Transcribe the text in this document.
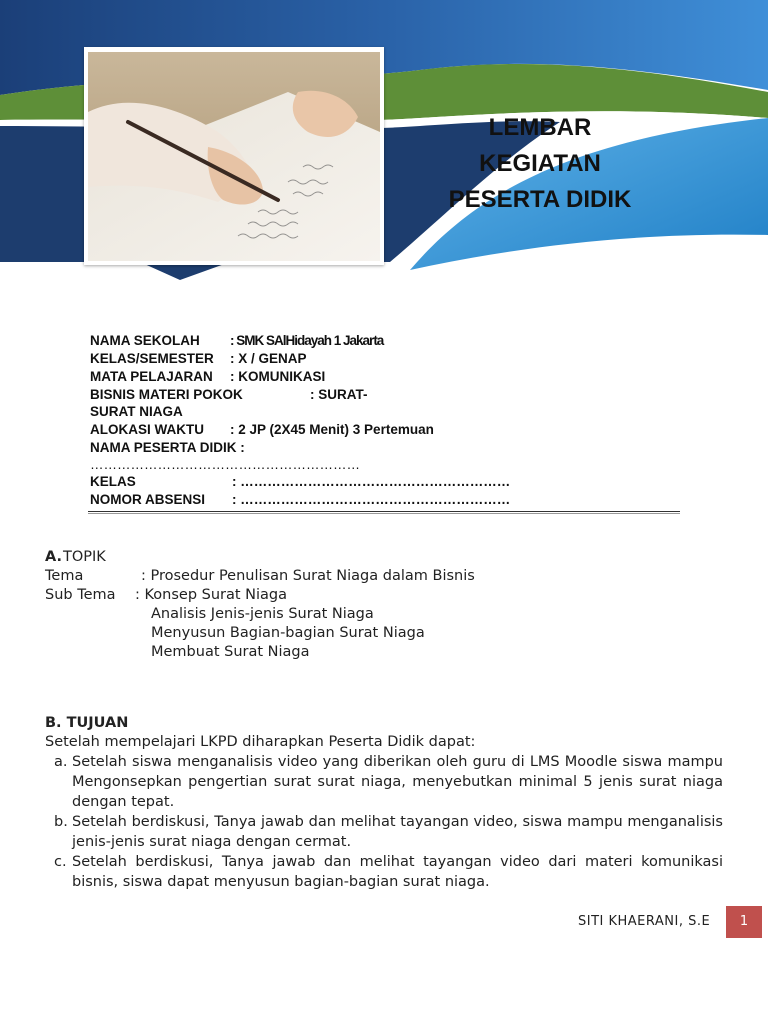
LEMBAR
KEGIATAN
PESERTA DIDIK
NAMA SEKOLAH : SMK SAlHidayah 1 Jakarta
KELAS/SEMESTER : X / GENAP
MATA PELAJARAN : KOMUNIKASI
BISNIS MATERI POKOK	: SURAT-
SURAT NIAGA
ALOKASI WAKTU : 2 JP (2X45 Menit) 3 Pertemuan
NAMA PESERTA DIDIK :
……………………………………………………
KELAS	: ……………………………………………………
NOMOR ABSENSI : ……………………………………………………
A. TOPIK
Tema	: Prosedur Penulisan Surat Niaga dalam Bisnis
Sub Tema : Konsep Surat Niaga
Analisis Jenis-jenis Surat Niaga
Menyusun Bagian-bagian Surat Niaga
Membuat Surat Niaga
B. TUJUAN
Setelah mempelajari LKPD diharapkan Peserta Didik dapat:
a. Setelah siswa menganalisis video yang diberikan oleh guru di LMS Moodle siswa mampu Mengonsepkan pengertian surat surat niaga, menyebutkan minimal 5 jenis surat niaga dengan tepat.
b. Setelah berdiskusi, Tanya jawab dan melihat tayangan video, siswa mampu menganalisis jenis-jenis surat niaga dengan cermat.
c. Setelah berdiskusi, Tanya jawab dan melihat tayangan video dari materi komunikasi bisnis, siswa dapat menyusun bagian-bagian surat niaga.
SITI KHAERANI, S.E	1
